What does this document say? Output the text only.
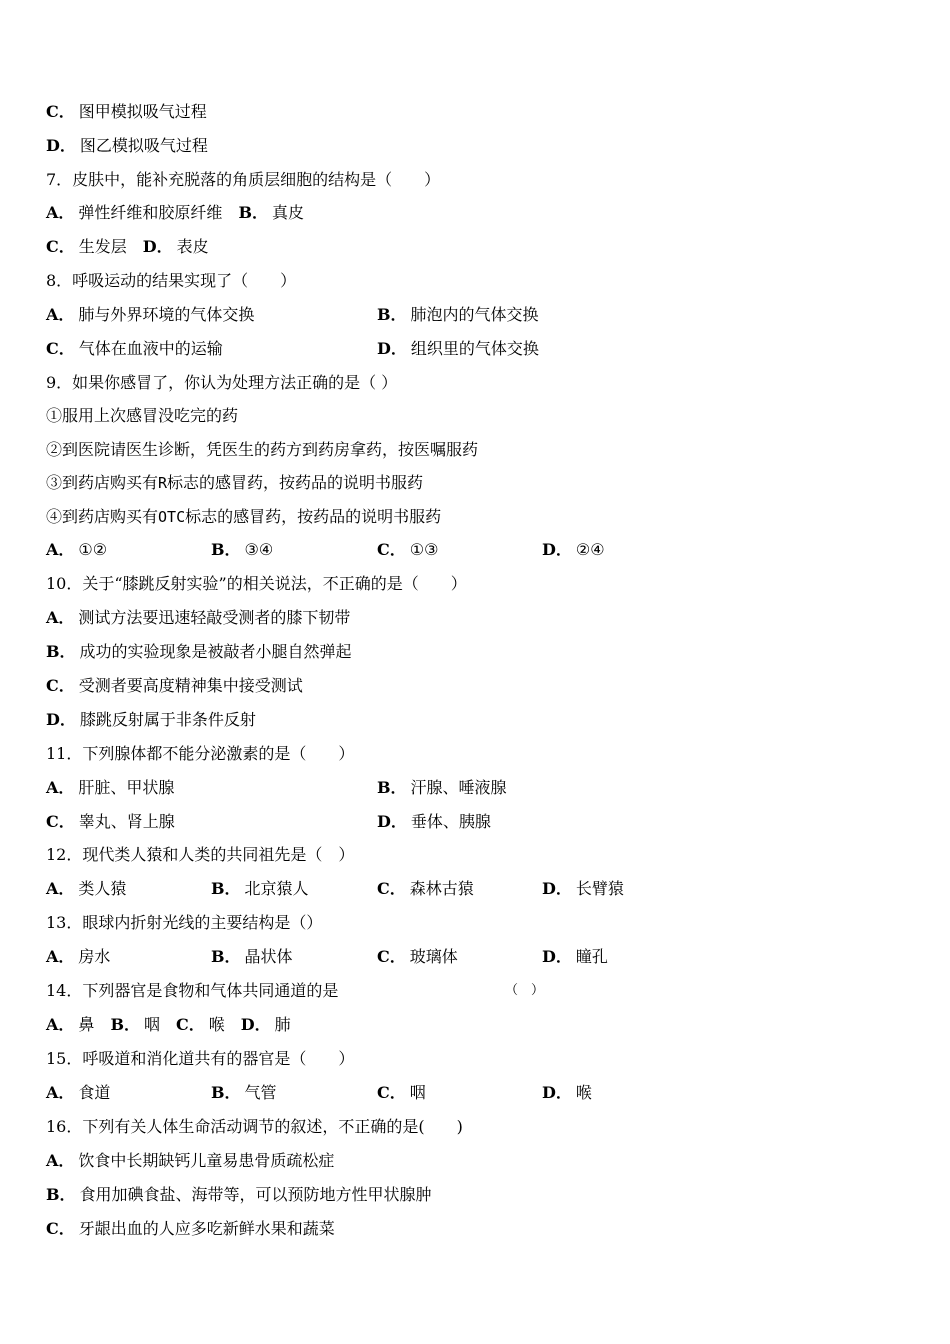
C． 图甲模拟吸气过程
D． 图乙模拟吸气过程
7．皮肤中，能补充脱落的角质层细胞的结构是（　　）
A． 弹性纤维和胶原纤维　 B． 真皮
C． 生发层　 D． 表皮
8．呼吸运动的结果实现了（　　）
A． 肺与外界环境的气体交换	B． 肺泡内的气体交换
C． 气体在血液中的运输	D． 组织里的气体交换
9．如果你感冒了，你认为处理方法正确的是（ ）
①服用上次感冒没吃完的药
②到医院请医生诊断，凭医生的药方到药房拿药，按医嘱服药
③到药店购买有R标志的感冒药，按药品的说明书服药
④到药店购买有OTC标志的感冒药，按药品的说明书服药
A． ①②	B． ③④	C． ①③	D． ②④
10．关于“膝跳反射实验”的相关说法，不正确的是（　　）
A． 测试方法要迅速轻敲受测者的膝下韧带
B． 成功的实验现象是被敲者小腿自然弹起
C． 受测者要高度精神集中接受测试
D． 膝跳反射属于非条件反射
11．下列腺体都不能分泌激素的是（　　）
A． 肝脏、甲状腺	B． 汗腺、唾液腺
C． 睾丸、肾上腺	D． 垂体、胰腺
12．现代类人猿和人类的共同祖先是（　）
A． 类人猿	B． 北京猿人	C． 森林古猿	D． 长臂猿
13．眼球内折射光线的主要结构是（）
A． 房水	B． 晶状体	C． 玻璃体	D． 瞳孔
14．下列器官是食物和气体共同通道的是	（　）
A． 鼻   B． 咽   C． 喉   D． 肺
15．呼吸道和消化道共有的器官是（　　）
A． 食道	B． 气管	C． 咽	D． 喉
16．下列有关人体生命活动调节的叙述，不正确的是(　　)
A． 饮食中长期缺钙儿童易患骨质疏松症
B． 食用加碘食盐、海带等，可以预防地方性甲状腺肿
C． 牙龈出血的人应多吃新鲜水果和蔬菜
